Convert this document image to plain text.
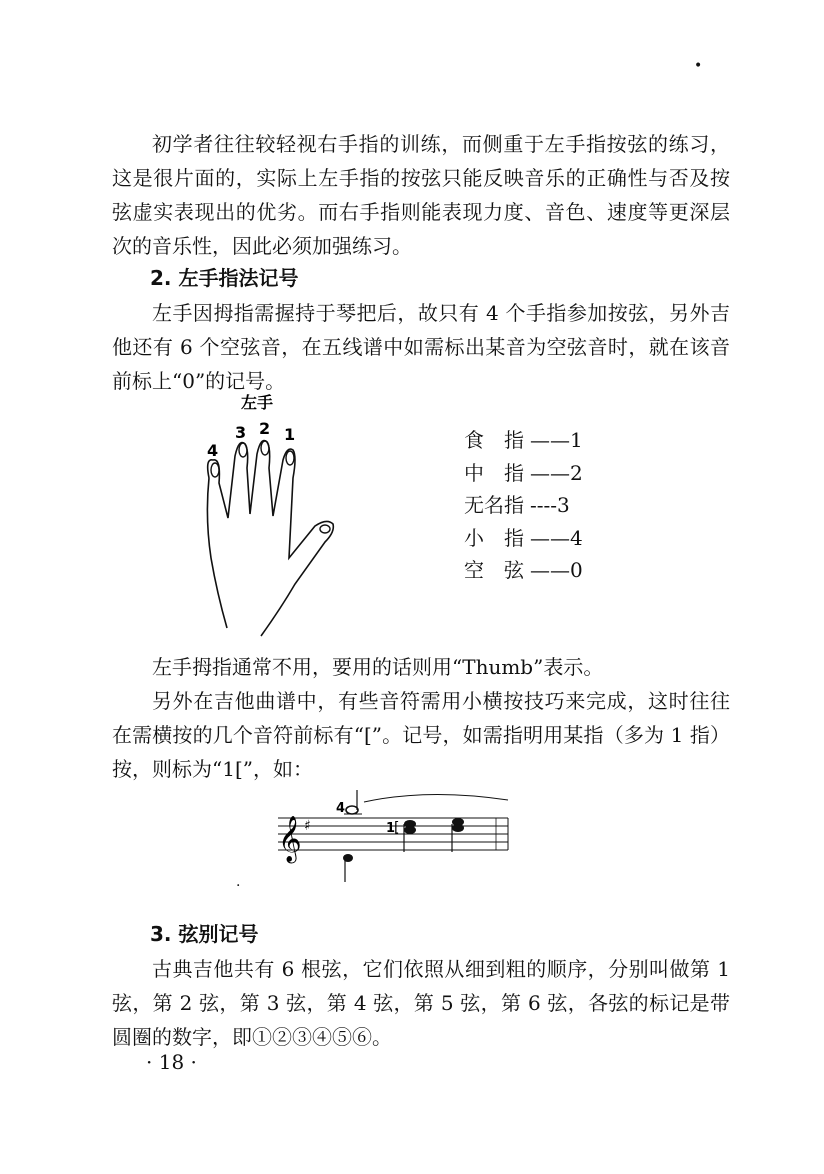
•

初学者往往较轻视右手指的训练，而侧重于左手指按弦的练习，这是很片面的，实际上左手指的按弦只能反映音乐的正确性与否及按弦虚实表现出的优劣。而右手指则能表现力度、音色、速度等更深层次的音乐性，因此必须加强练习。

2. 左手指法记号

左手因拇指需握持于琴把后，故只有 4 个手指参加按弦，另外吉他还有 6 个空弦音，在五线谱中如需标出某音为空弦音时，就在该音前标上“0”的记号。

左手
4
3 2 1	食　指 ——1
中　指 ——2
无名指 ----3
小　指 ——4
空　弦 ——0

左手拇指通常不用，要用的话则用“Thumb”表示。

另外在吉他曲谱中，有些音符需用小横按技巧来完成，这时往往在需横按的几个音符前标有“[”。记号，如需指明用某指（多为 1 指）按，则标为“1[”，如：

𝄞 ♯
4
1
[
·

3. 弦别记号

古典吉他共有 6 根弦，它们依照从细到粗的顺序，分别叫做第 1 弦，第 2 弦，第 3 弦，第 4 弦，第 5 弦，第 6 弦，各弦的标记是带圆圈的数字，即①②③④⑤⑥。

· 18 ·
